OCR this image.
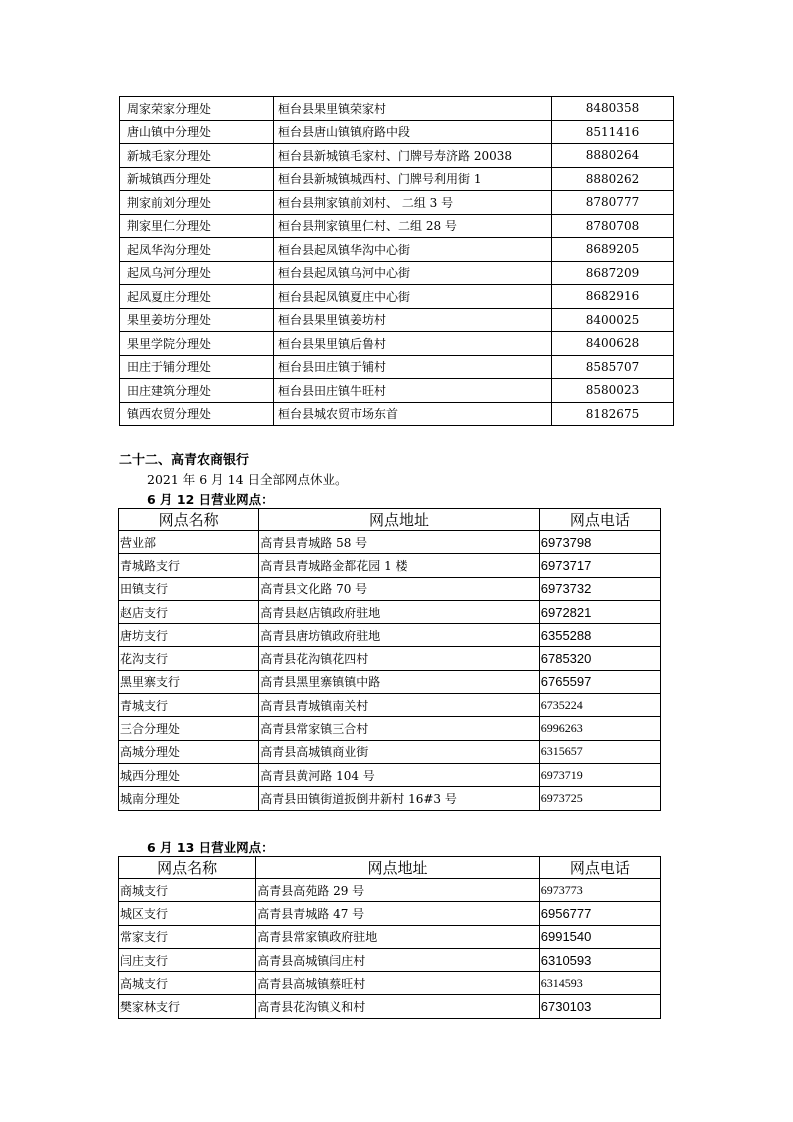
周家荣家分理处	桓台县果里镇荣家村	8480358
唐山镇中分理处	桓台县唐山镇镇府路中段	8511416
新城毛家分理处	桓台县新城镇毛家村、门牌号寿济路 20038	8880264
新城镇西分理处	桓台县新城镇城西村、门牌号利用街 1	8880262
荆家前刘分理处	桓台县荆家镇前刘村、 二组 3 号	8780777
荆家里仁分理处	桓台县荆家镇里仁村、二组 28 号	8780708
起凤华沟分理处	桓台县起凤镇华沟中心街	8689205
起凤乌河分理处	桓台县起凤镇乌河中心街	8687209
起凤夏庄分理处	桓台县起凤镇夏庄中心街	8682916
果里姜坊分理处	桓台县果里镇姜坊村	8400025
果里学院分理处	桓台县果里镇后鲁村	8400628
田庄于铺分理处	桓台县田庄镇于铺村	8585707
田庄建筑分理处	桓台县田庄镇牛旺村	8580023
镇西农贸分理处	桓台县城农贸市场东首	8182675
二十二、高青农商银行
2021 年 6 月 14 日全部网点休业。
6 月 12 日营业网点：
网点名称	网点地址	网点电话
营业部	高青县青城路 58 号	6973798
青城路支行	高青县青城路金都花园 1 楼	6973717
田镇支行	高青县文化路 70 号	6973732
赵店支行	高青县赵店镇政府驻地	6972821
唐坊支行	高青县唐坊镇政府驻地	6355288
花沟支行	高青县花沟镇花四村	6785320
黑里寨支行	高青县黑里寨镇镇中路	6765597
青城支行	高青县青城镇南关村	6735224
三合分理处	高青县常家镇三合村	6996263
高城分理处	高青县高城镇商业街	6315657
城西分理处	高青县黄河路 104 号	6973719
城南分理处	高青县田镇街道扳倒井新村 16#3 号	6973725
6 月 13 日营业网点：
网点名称	网点地址	网点电话
商城支行	高青县高苑路 29 号	6973773
城区支行	高青县青城路 47 号	6956777
常家支行	高青县常家镇政府驻地	6991540
闫庄支行	高青县高城镇闫庄村	6310593
高城支行	高青县高城镇蔡旺村	6314593
樊家林支行	高青县花沟镇义和村	6730103
